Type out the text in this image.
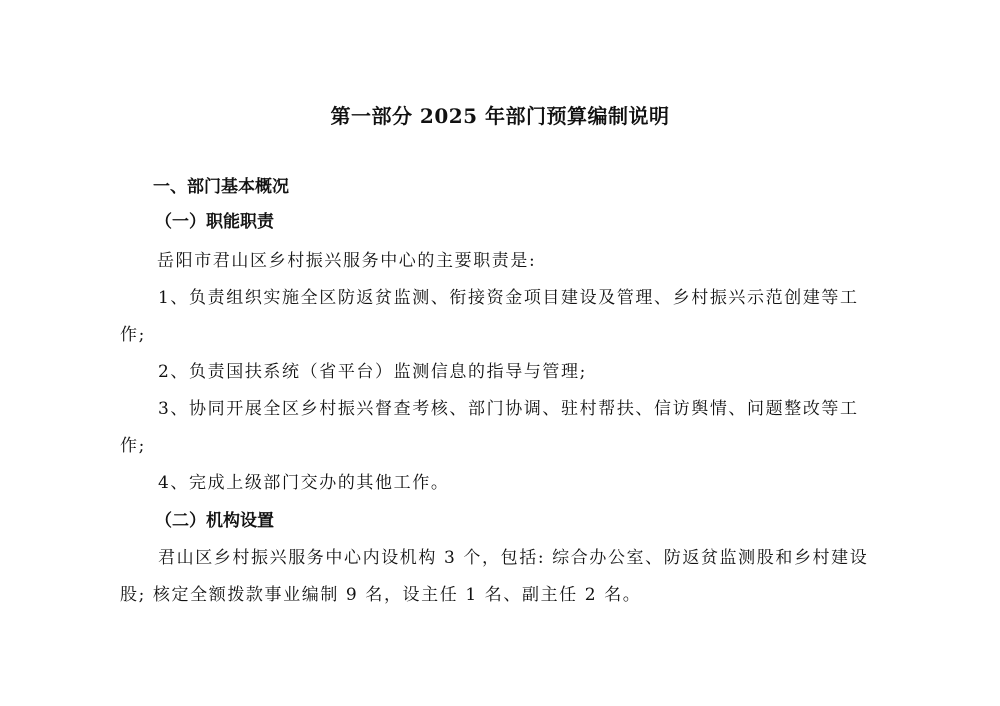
第一部分 2025 年部门预算编制说明
一、部门基本概况
（一）职能职责
岳阳市君山区乡村振兴服务中心的主要职责是:
1、负责组织实施全区防返贫监测、衔接资金项目建设及管理、乡村振兴示范创建等工
作;
2、负责国扶系统（省平台）监测信息的指导与管理;
3、协同开展全区乡村振兴督查考核、部门协调、驻村帮扶、信访舆情、问题整改等工
作;
4、完成上级部门交办的其他工作。
（二）机构设置
君山区乡村振兴服务中心内设机构 3 个，包括: 综合办公室、防返贫监测股和乡村建设
股; 核定全额拨款事业编制 9 名，设主任 1 名、副主任 2 名。
